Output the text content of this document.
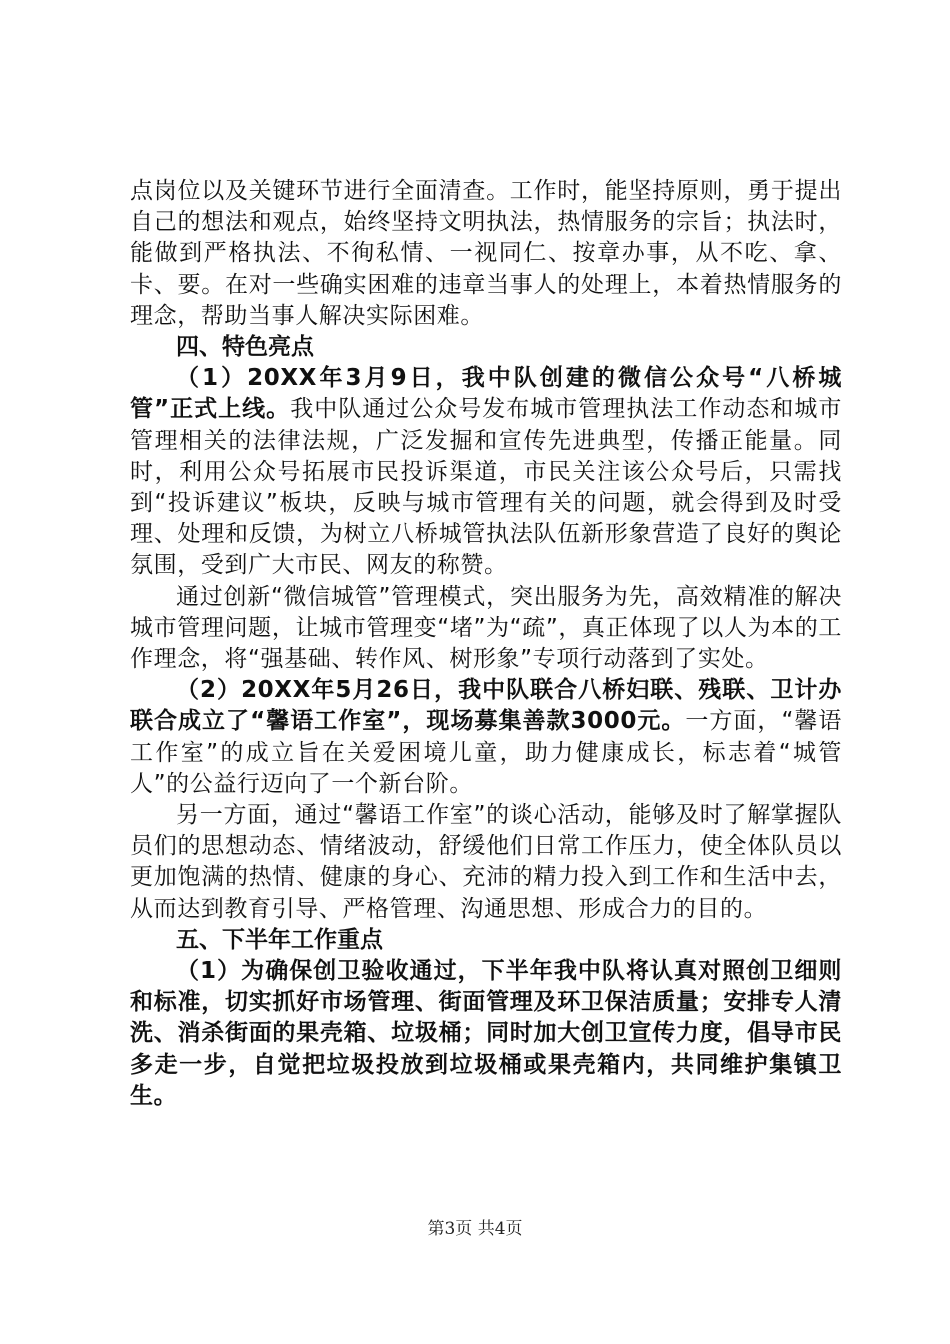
点岗位以及关键环节进行全面清查。工作时，能坚持原则，勇于提出自己的想法和观点，始终坚持文明执法，热情服务的宗旨；执法时，能做到严格执法、不徇私情、一视同仁、按章办事，从不吃、拿、卡、要。在对一些确实困难的违章当事人的处理上，本着热情服务的理念，帮助当事人解决实际困难。

四、特色亮点

（1）20XX年3月9日，我中队创建的微信公众号“八桥城管”正式上线。我中队通过公众号发布城市管理执法工作动态和城市管理相关的法律法规，广泛发掘和宣传先进典型，传播正能量。同时，利用公众号拓展市民投诉渠道，市民关注该公众号后，只需找到“投诉建议”板块，反映与城市管理有关的问题，就会得到及时受理、处理和反馈，为树立八桥城管执法队伍新形象营造了良好的舆论氛围，受到广大市民、网友的称赞。

通过创新“微信城管”管理模式，突出服务为先，高效精准的解决城市管理问题，让城市管理变“堵”为“疏”，真正体现了以人为本的工作理念，将“强基础、转作风、树形象”专项行动落到了实处。

（2）20XX年5月26日，我中队联合八桥妇联、残联、卫计办联合成立了“馨语工作室”，现场募集善款3000元。一方面，“馨语工作室”的成立旨在关爱困境儿童，助力健康成长，标志着“城管人”的公益行迈向了一个新台阶。

另一方面，通过“馨语工作室”的谈心活动，能够及时了解掌握队员们的思想动态、情绪波动，舒缓他们日常工作压力，使全体队员以更加饱满的热情、健康的身心、充沛的精力投入到工作和生活中去，从而达到教育引导、严格管理、沟通思想、形成合力的目的。

五、下半年工作重点

（1）为确保创卫验收通过，下半年我中队将认真对照创卫细则和标准，切实抓好市场管理、街面管理及环卫保洁质量；安排专人清洗、消杀街面的果壳箱、垃圾桶；同时加大创卫宣传力度，倡导市民多走一步，自觉把垃圾投放到垃圾桶或果壳箱内，共同维护集镇卫生。

第3页 共4页
